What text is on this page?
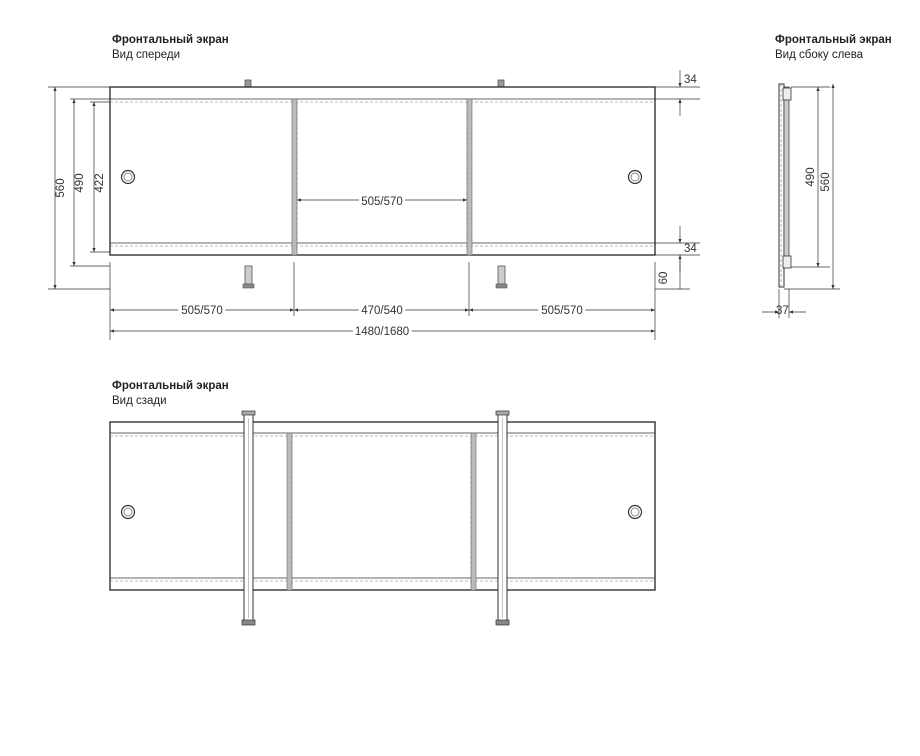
Фронтальный экран
Вид спереди
Фронтальный экран
Вид сбоку слева
Фронтальный экран
Вид сзади
560 490 422
505/570
505/570	470/540	505/570
1480/1680
34
34
60
490 560
37
